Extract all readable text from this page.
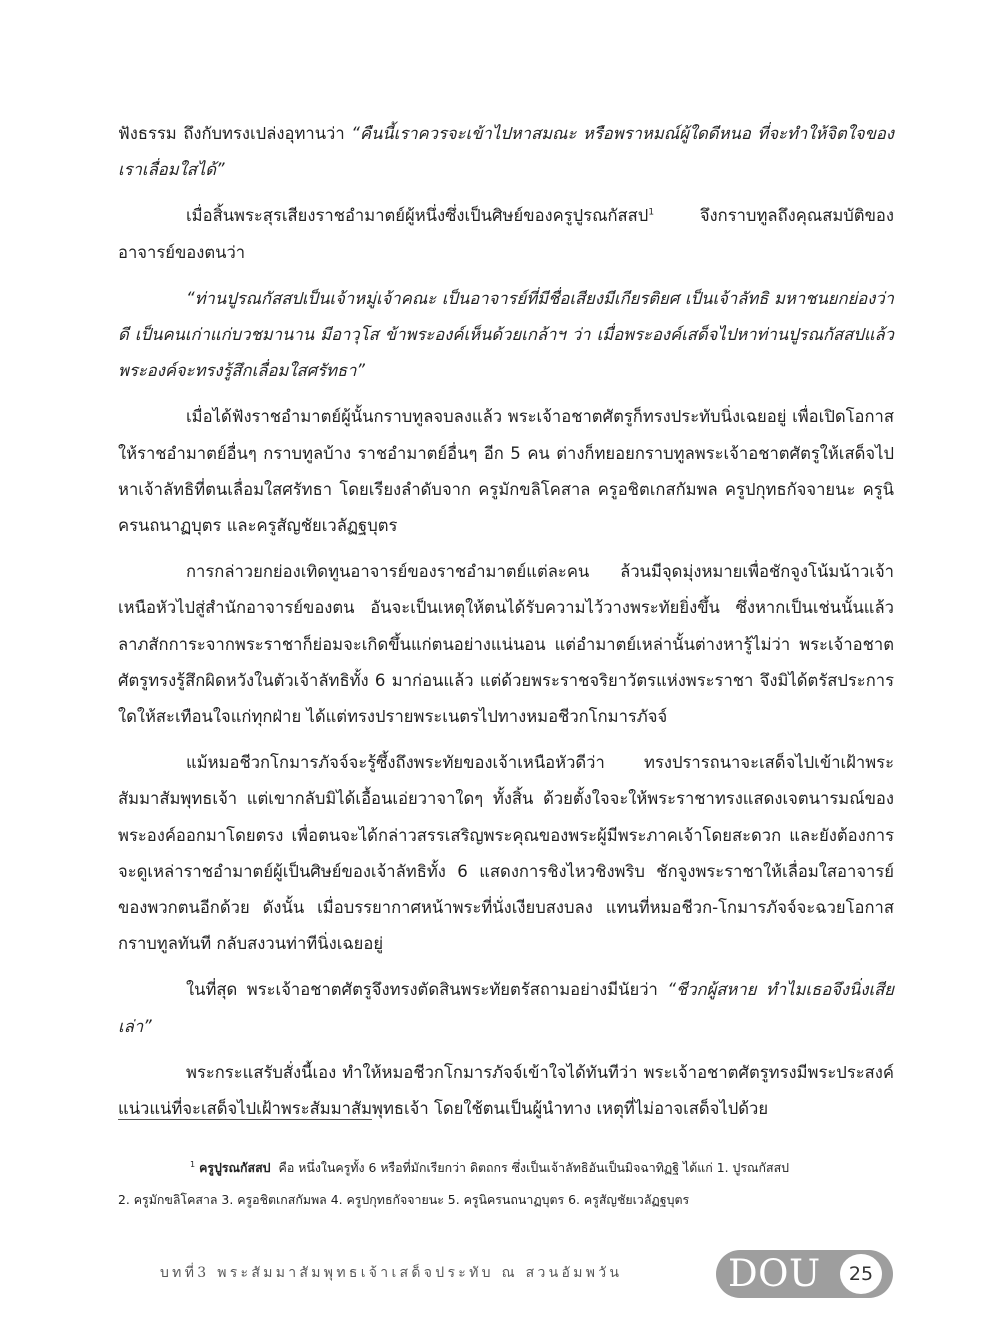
ฟังธรรม ถึงกับทรงเปล่งอุทานว่า “คืนนี้เราควรจะเข้าไปหาสมณะ หรือพราหมณ์ผู้ใดดีหนอ ที่จะทำให้จิตใจของเราเลื่อมใสได้”

เมื่อสิ้นพระสุรเสียงราชอำมาตย์ผู้หนึ่งซึ่งเป็นศิษย์ของครูปูรณกัสสป$^1$ จึงกราบทูลถึงคุณสมบัติของอาจารย์ของตนว่า

“ท่านปูรณกัสสปเป็นเจ้าหมู่เจ้าคณะ เป็นอาจารย์ที่มีชื่อเสียงมีเกียรติยศ เป็นเจ้าลัทธิ มหาชนยกย่องว่าดี เป็นคนเก่าแก่บวชมานาน มีอาวุโส ข้าพระองค์เห็นด้วยเกล้าฯ ว่า เมื่อพระองค์เสด็จไปหาท่านปูรณกัสสปแล้ว พระองค์จะทรงรู้สึกเลื่อมใสศรัทธา”

เมื่อได้ฟังราชอำมาตย์ผู้นั้นกราบทูลจบลงแล้ว พระเจ้าอชาตศัตรูก็ทรงประทับนิ่งเฉยอยู่ เพื่อเปิดโอกาสให้ราชอำมาตย์อื่นๆ กราบทูลบ้าง ราชอำมาตย์อื่นๆ อีก 5 คน ต่างก็ทยอยกราบทูลพระเจ้าอชาตศัตรูให้เสด็จไปหาเจ้าลัทธิที่ตนเลื่อมใสศรัทธา โดยเรียงลำดับจาก ครูมักขลิโคสาล ครูอชิตเกสกัมพล ครูปกุทธกัจจายนะ ครูนิครนถนาฏบุตร และครูสัญชัยเวลัฏฐบุตร

การกล่าวยกย่องเทิดทูนอาจารย์ของราชอำมาตย์แต่ละคน ล้วนมีจุดมุ่งหมายเพื่อชักจูงโน้มน้าวเจ้าเหนือหัวไปสู่สำนักอาจารย์ของตน อันจะเป็นเหตุให้ตนได้รับความไว้วางพระทัยยิ่งขึ้น ซึ่งหากเป็นเช่นนั้นแล้ว ลาภสักการะจากพระราชาก็ย่อมจะเกิดขึ้นแก่ตนอย่างแน่นอน แต่อำมาตย์เหล่านั้นต่างหารู้ไม่ว่า พระเจ้าอชาตศัตรูทรงรู้สึกผิดหวังในตัวเจ้าลัทธิทั้ง 6 มาก่อนแล้ว แต่ด้วยพระราชจริยาวัตรแห่งพระราชา จึงมิได้ตรัสประการใดให้สะเทือนใจแก่ทุกฝ่าย ได้แต่ทรงปรายพระเนตรไปทางหมอชีวกโกมารภัจจ์

แม้หมอชีวกโกมารภัจจ์จะรู้ซึ้งถึงพระทัยของเจ้าเหนือหัวดีว่า ทรงปรารถนาจะเสด็จไปเข้าเฝ้าพระสัมมาสัมพุทธเจ้า แต่เขากลับมิได้เอื้อนเอ่ยวาจาใดๆ ทั้งสิ้น ด้วยตั้งใจจะให้พระราชาทรงแสดงเจตนารมณ์ของพระองค์ออกมาโดยตรง เพื่อตนจะได้กล่าวสรรเสริญพระคุณของพระผู้มีพระภาคเจ้าโดยสะดวก และยังต้องการจะดูเหล่าราชอำมาตย์ผู้เป็นศิษย์ของเจ้าลัทธิทั้ง 6 แสดงการชิงไหวชิงพริบ ชักจูงพระราชาให้เลื่อมใสอาจารย์ของพวกตนอีกด้วย ดังนั้น เมื่อบรรยากาศหน้าพระที่นั่งเงียบสงบลง แทนที่หมอชีวก-โกมารภัจจ์จะฉวยโอกาสกราบทูลทันที กลับสงวนท่าทีนิ่งเฉยอยู่

ในที่สุด พระเจ้าอชาตศัตรูจึงทรงตัดสินพระทัยตรัสถามอย่างมีนัยว่า “ชีวกผู้สหาย ทำไมเธอจึงนิ่งเสียเล่า”

พระกระแสรับสั่งนี้เอง ทำให้หมอชีวกโกมารภัจจ์เข้าใจได้ทันทีว่า พระเจ้าอชาตศัตรูทรงมีพระประสงค์แน่วแน่ที่จะเสด็จไปเฝ้าพระสัมมาสัมพุทธเจ้า โดยใช้ตนเป็นผู้นำทาง เหตุที่ไม่อาจเสด็จไปด้วย

$^1$ ครูปูรณกัสสป คือ หนึ่งในครูทั้ง 6 หรือที่มักเรียกว่า ดิตถกร ซึ่งเป็นเจ้าลัทธิอันเป็นมิจฉาทิฏฐิ ได้แก่ 1. ปูรณกัสสป
2. ครูมักขลิโคสาล 3. ครูอชิตเกสกัมพล 4. ครูปกุทธกัจจายนะ 5. ครูนิครนถนาฏบุตร 6. ครูสัญชัยเวลัฏฐบุตร
บทที่3 พระสัมมาสัมพุทธเจ้าเสด็จประทับ ณ สวนอัมพวัน	DOU	25
